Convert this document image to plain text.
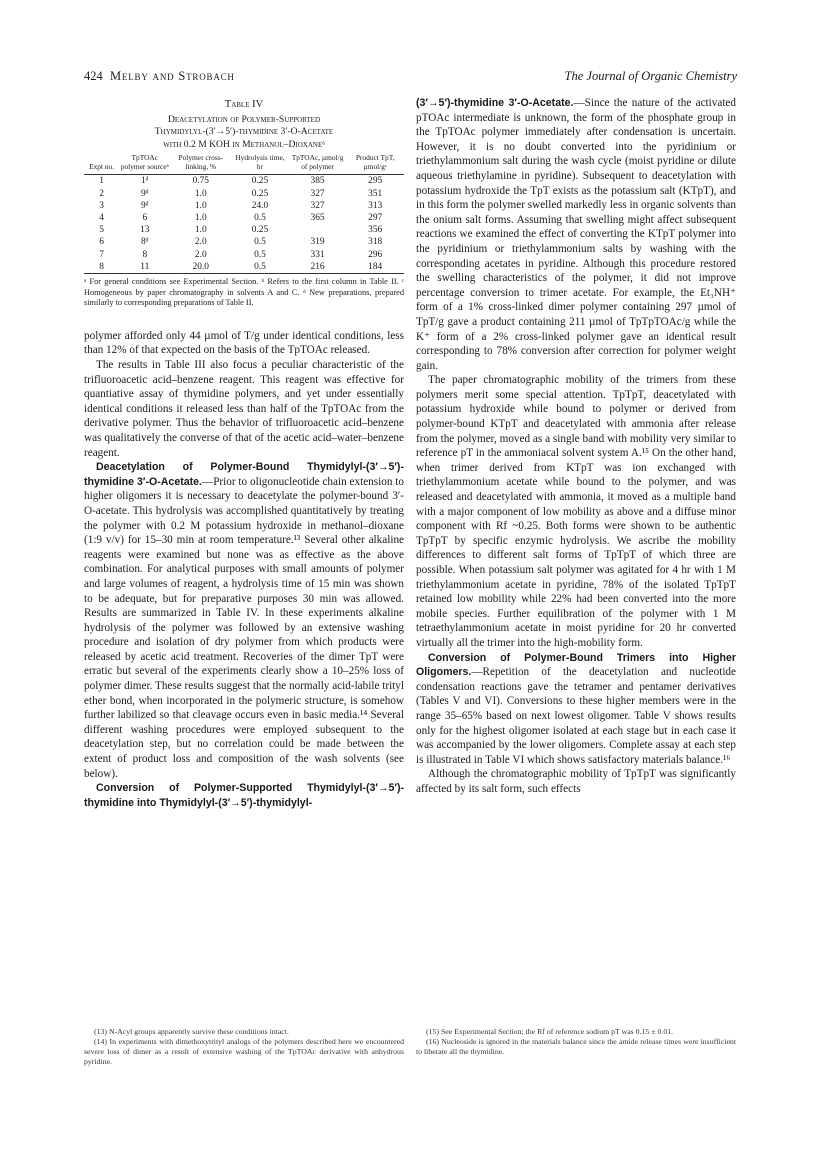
424 Melby and Strobach	The Journal of Organic Chemistry
Table IV
Deacetylation of Polymer-Supported
Thymidylyl-(3′→5′)-thymidine 3′-O-Acetate
with 0.2 M KOH in Methanol–Dioxaneᵃ
Expt no.	TpTOAc polymer sourceᵇ	Polymer cross-linking, %	Hydrolysis time, hr	TpTOAc, µmol/g of polymer	Product TpT, µmol/gᶜ
1	1ᵈ	0.75	0.25	385	295
2	9ᵈ	1.0	0.25	327	351
3	9ᵈ	1.0	24.0	327	313
4	6	1.0	0.5	365	297
5	13	1.0	0.25		356
6	8ᵈ	2.0	0.5	319	318
7	8	2.0	0.5	331	296
8	11	20.0	0.5	216	184
ᵃ For general conditions see Experimental Section. ᵇ Refers to the first column in Table II. ᶜ Homogeneous by paper chromatography in solvents A and C. ᵈ New preparations, prepared similarly to corresponding preparations of Table II.

polymer afforded only 44 µmol of T/g under identical conditions, less than 12% of that expected on the basis of the TpTOAc released.

The results in Table III also focus a peculiar characteristic of the trifluoroacetic acid–benzene reagent. This reagent was effective for quantiative assay of thymidine polymers, and yet under essentially identical conditions it released less than half of the TpTOAc from the derivative polymer. Thus the behavior of trifluoroacetic acid–benzene was qualitatively the converse of that of the acetic acid–water–benzene reagent.

Deacetylation of Polymer-Bound Thymidylyl-(3′→5′)-thymidine 3′-O-Acetate.—Prior to oligonucleotide chain extension to higher oligomers it is necessary to deacetylate the polymer-bound 3′-O-acetate. This hydrolysis was accomplished quantitatively by treating the polymer with 0.2 M potassium hydroxide in methanol–dioxane (1:9 v/v) for 15–30 min at room temperature.¹³ Several other alkaline reagents were examined but none was as effective as the above combination. For analytical purposes with small amounts of polymer and large volumes of reagent, a hydrolysis time of 15 min was shown to be adequate, but for preparative purposes 30 min was allowed. Results are summarized in Table IV. In these experiments alkaline hydrolysis of the polymer was followed by an extensive washing procedure and isolation of dry polymer from which products were released by acetic acid treatment. Recoveries of the dimer TpT were erratic but several of the experiments clearly show a 10–25% loss of polymer dimer. These results suggest that the normally acid-labile trityl ether bond, when incorporated in the polymeric structure, is somehow further labilized so that cleavage occurs even in basic media.¹⁴ Several different washing procedures were employed subsequent to the deacetylation step, but no correlation could be made between the extent of product loss and composition of the wash solvents (see below).

Conversion of Polymer-Supported Thymidylyl-(3′→5′)-thymidine into Thymidylyl-(3′→5′)-thymidylyl-

(3′→5′)-thymidine 3′-O-Acetate.—Since the nature of the activated pTOAc intermediate is unknown, the form of the phosphate group in the TpTOAc polymer immediately after condensation is uncertain. However, it is no doubt converted into the pyridinium or triethylammonium salt during the wash cycle (moist pyridine or dilute aqueous triethylamine in pyridine). Subsequent to deacetylation with potassium hydroxide the TpT exists as the potassium salt (KTpT), and in this form the polymer swelled markedly less in organic solvents than the onium salt forms. Assuming that swelling might affect subsequent reactions we examined the effect of converting the KTpT polymer into the pyridinium or triethylammonium salts by washing with the corresponding acetates in pyridine. Although this procedure restored the swelling characteristics of the polymer, it did not improve percentage conversion to trimer acetate. For example, the Et₃NH⁺ form of a 1% cross-linked dimer polymer containing 297 µmol of TpT/g gave a product containing 211 µmol of TpTpTOAc/g while the K⁺ form of a 2% cross-linked polymer gave an identical result corresponding to 78% conversion after correction for polymer weight gain.

The paper chromatographic mobility of the trimers from these polymers merit some special attention. TpTpT, deacetylated with potassium hydroxide while bound to polymer or derived from polymer-bound KTpT and deacetylated with ammonia after release from the polymer, moved as a single band with mobility very similar to reference pT in the ammoniacal solvent system A.¹⁵ On the other hand, when trimer derived from KTpT was ion exchanged with triethylammonium acetate while bound to the polymer, and was released and deacetylated with ammonia, it moved as a multiple band with a major component of low mobility as above and a diffuse minor component with Rf ~0.25. Both forms were shown to be authentic TpTpT by specific enzymic hydrolysis. We ascribe the mobility differences to different salt forms of TpTpT of which three are possible. When potassium salt polymer was agitated for 4 hr with 1 M triethylammonium acetate in pyridine, 78% of the isolated TpTpT retained low mobility while 22% had been converted into the more mobile species. Further equilibration of the polymer with 1 M tetraethylammonium acetate in moist pyridine for 20 hr converted virtually all the trimer into the high-mobility form.

Conversion of Polymer-Bound Trimers into Higher Oligomers.—Repetition of the deacetylation and nucleotide condensation reactions gave the tetramer and pentamer derivatives (Tables V and VI). Conversions to these higher members were in the range 35–65% based on next lowest oligomer. Table V shows results only for the highest oligomer isolated at each stage but in each case it was accompanied by the lower oligomers. Complete assay at each step is illustrated in Table VI which shows satisfactory materials balance.¹⁶

Although the chromatographic mobility of TpTpT was significantly affected by its salt form, such effects

(13) N-Acyl groups apparently survive these conditions intact.
(14) In experiments with dimethoxytrityl analogs of the polymers described here we encountered severe loss of dimer as a result of extensive washing of the TpTOAc derivative with anhydrous pyridine.
(15) See Experimental Section; the Rf of reference sodium pT was 0.15 ± 0.01.
(16) Nucleoside is ignored in the materials balance since the amide release times were insufficient to liberate all the thymidine.
